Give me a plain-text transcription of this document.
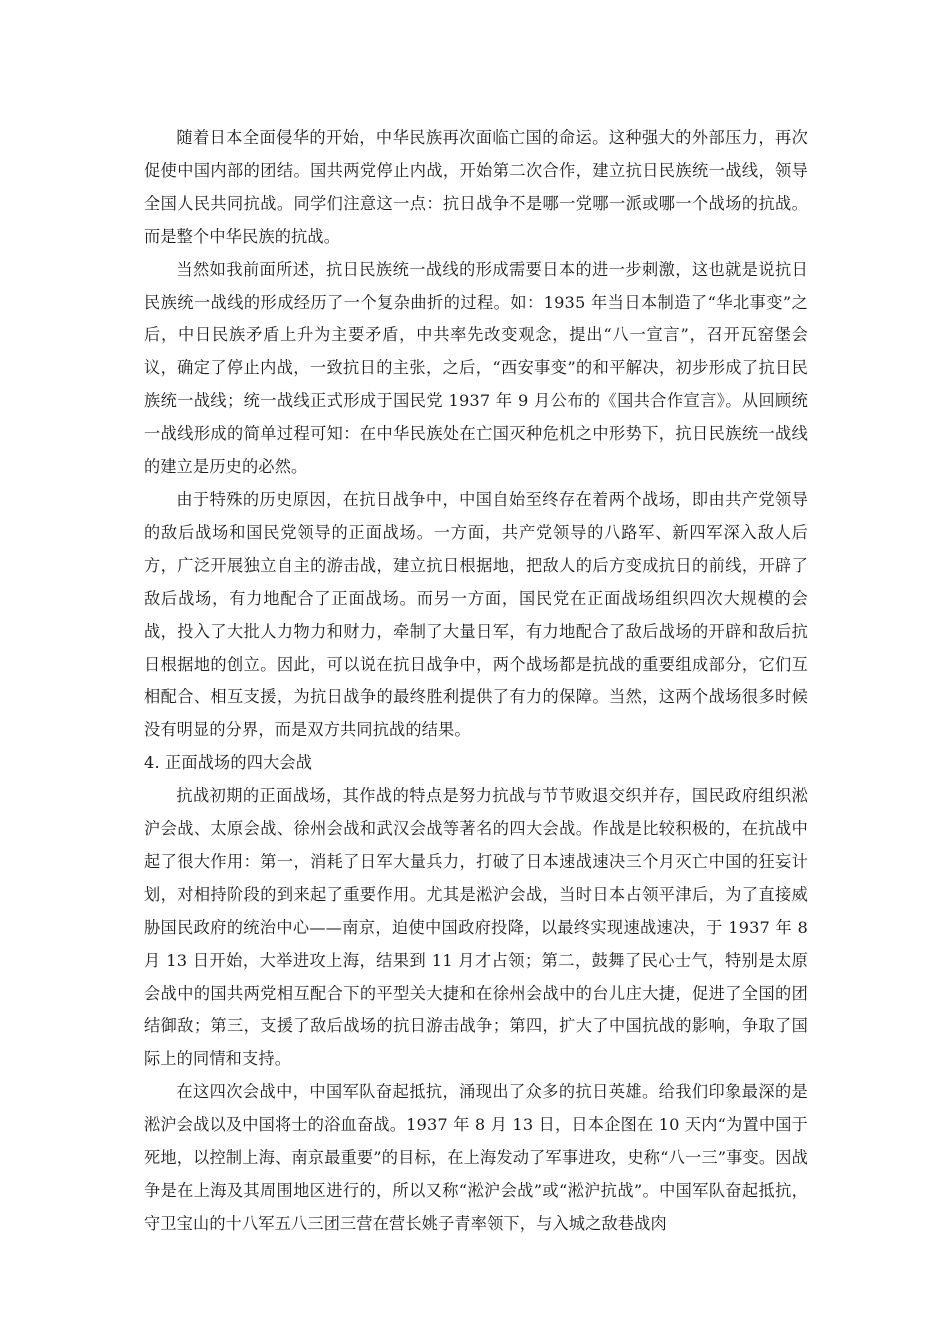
随着日本全面侵华的开始，中华民族再次面临亡国的命运。这种强大的外部压力，再次促使中国内部的团结。国共两党停止内战，开始第二次合作，建立抗日民族统一战线，领导全国人民共同抗战。同学们注意这一点：抗日战争不是哪一党哪一派或哪一个战场的抗战。而是整个中华民族的抗战。

当然如我前面所述，抗日民族统一战线的形成需要日本的进一步刺激，这也就是说抗日民族统一战线的形成经历了一个复杂曲折的过程。如：1935 年当日本制造了“华北事变”之后，中日民族矛盾上升为主要矛盾，中共率先改变观念，提出“八一宣言”，召开瓦窑堡会议，确定了停止内战，一致抗日的主张，之后，“西安事变”的和平解决，初步形成了抗日民族统一战线；统一战线正式形成于国民党 1937 年 9 月公布的《国共合作宣言》。从回顾统一战线形成的简单过程可知：在中华民族处在亡国灭种危机之中形势下，抗日民族统一战线的建立是历史的必然。

由于特殊的历史原因，在抗日战争中，中国自始至终存在着两个战场，即由共产党领导的敌后战场和国民党领导的正面战场。一方面，共产党领导的八路军、新四军深入敌人后方，广泛开展独立自主的游击战，建立抗日根据地，把敌人的后方变成抗日的前线，开辟了敌后战场，有力地配合了正面战场。而另一方面，国民党在正面战场组织四次大规模的会战，投入了大批人力物力和财力，牵制了大量日军，有力地配合了敌后战场的开辟和敌后抗日根据地的创立。因此，可以说在抗日战争中，两个战场都是抗战的重要组成部分，它们互相配合、相互支援，为抗日战争的最终胜利提供了有力的保障。当然，这两个战场很多时候没有明显的分界，而是双方共同抗战的结果。

4. 正面战场的四大会战

抗战初期的正面战场，其作战的特点是努力抗战与节节败退交织并存，国民政府组织淞沪会战、太原会战、徐州会战和武汉会战等著名的四大会战。作战是比较积极的，在抗战中起了很大作用：第一，消耗了日军大量兵力，打破了日本速战速决三个月灭亡中国的狂妄计划，对相持阶段的到来起了重要作用。尤其是淞沪会战，当时日本占领平津后，为了直接威胁国民政府的统治中心——南京，迫使中国政府投降，以最终实现速战速决，于 1937 年 8 月 13 日开始，大举进攻上海，结果到 11 月才占领；第二，鼓舞了民心士气，特别是太原会战中的国共两党相互配合下的平型关大捷和在徐州会战中的台儿庄大捷，促进了全国的团结御敌；第三，支援了敌后战场的抗日游击战争；第四，扩大了中国抗战的影响，争取了国际上的同情和支持。

在这四次会战中，中国军队奋起抵抗，涌现出了众多的抗日英雄。给我们印象最深的是淞沪会战以及中国将士的浴血奋战。1937 年 8 月 13 日，日本企图在 10 天内“为置中国于死地，以控制上海、南京最重要”的目标，在上海发动了军事进攻，史称“八一三”事变。因战争是在上海及其周围地区进行的，所以又称“淞沪会战”或“淞沪抗战”。中国军队奋起抵抗，守卫宝山的十八军五八三团三营在营长姚子青率领下，与入城之敌巷战肉
